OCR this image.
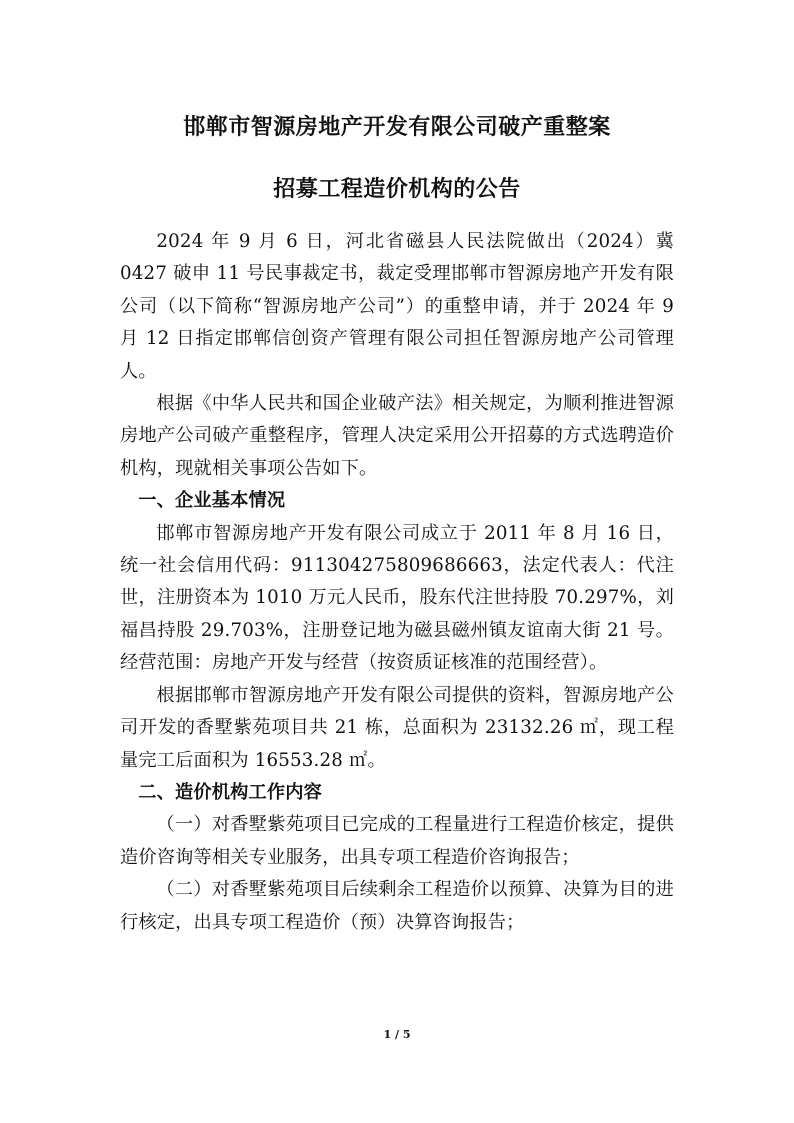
邯郸市智源房地产开发有限公司破产重整案
招募工程造价机构的公告

2024 年 9 月 6 日，河北省磁县人民法院做出（2024）冀 0427 破申 11 号民事裁定书，裁定受理邯郸市智源房地产开发有限公司（以下简称“智源房地产公司”）的重整申请，并于 2024 年 9 月 12 日指定邯郸信创资产管理有限公司担任智源房地产公司管理人。

根据《中华人民共和国企业破产法》相关规定，为顺利推进智源房地产公司破产重整程序，管理人决定采用公开招募的方式选聘造价机构，现就相关事项公告如下。

一、企业基本情况

邯郸市智源房地产开发有限公司成立于 2011 年 8 月 16 日，统一社会信用代码：911304275809686663，法定代表人：代注世，注册资本为 1010 万元人民币，股东代注世持股 70.297%，刘福昌持股 29.703%，注册登记地为磁县磁州镇友谊南大街 21 号。经营范围：房地产开发与经营（按资质证核准的范围经营）。

根据邯郸市智源房地产开发有限公司提供的资料，智源房地产公司开发的香墅紫苑项目共 21 栋，总面积为 23132.26 ㎡，现工程量完工后面积为 16553.28 ㎡。

二、造价机构工作内容

（一）对香墅紫苑项目已完成的工程量进行工程造价核定，提供造价咨询等相关专业服务，出具专项工程造价咨询报告；

（二）对香墅紫苑项目后续剩余工程造价以预算、决算为目的进行核定，出具专项工程造价（预）决算咨询报告；

1 / 5
